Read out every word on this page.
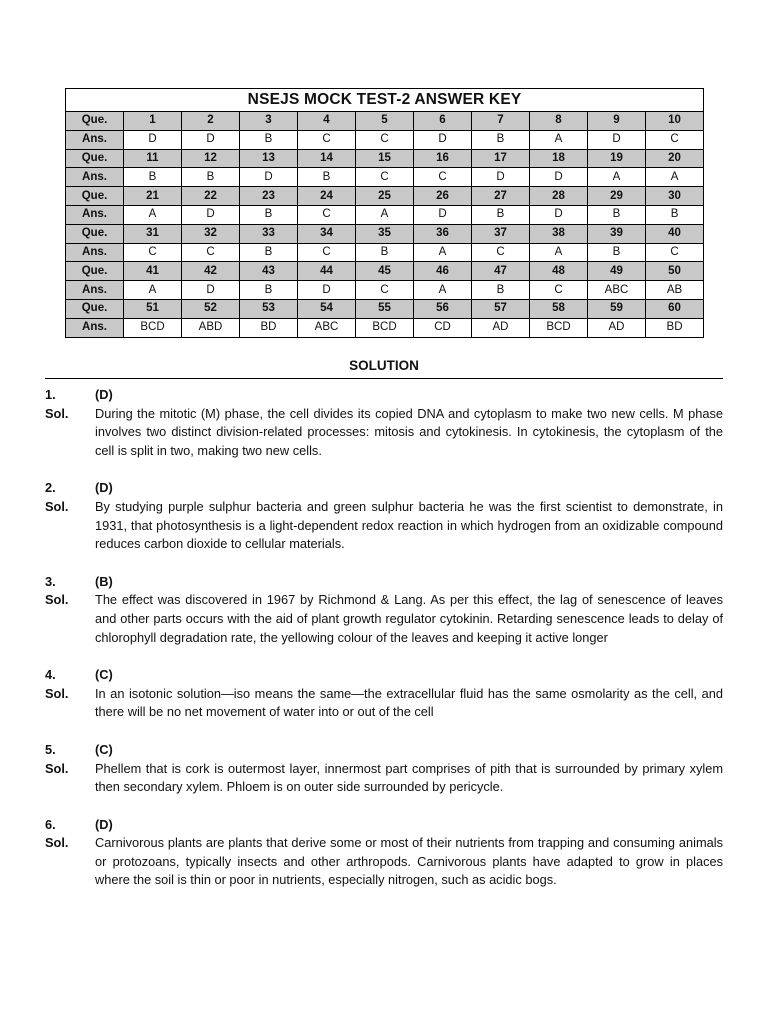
NSEJS MOCK TEST-2 ANSWER KEY										
Que.	1	2	3	4	5	6	7	8	9	10
Ans.	D	D	B	C	C	D	B	A	D	C
Que.	11	12	13	14	15	16	17	18	19	20
Ans.	B	B	D	B	C	C	D	D	A	A
Que.	21	22	23	24	25	26	27	28	29	30
Ans.	A	D	B	C	A	D	B	D	B	B
Que.	31	32	33	34	35	36	37	38	39	40
Ans.	C	C	B	C	B	A	C	A	B	C
Que.	41	42	43	44	45	46	47	48	49	50
Ans.	A	D	B	D	C	A	B	C	ABC	AB
Que.	51	52	53	54	55	56	57	58	59	60
Ans.	BCD	ABD	BD	ABC	BCD	CD	AD	BCD	AD	BD
SOLUTION
1.	(D)
Sol.	During the mitotic (M) phase, the cell divides its copied DNA and cytoplasm to make two new cells. M phase involves two distinct division-related processes: mitosis and cytokinesis. In cytokinesis, the cytoplasm of the cell is split in two, making two new cells.
2.	(D)
Sol.	By studying purple sulphur bacteria and green sulphur bacteria he was the first scientist to demonstrate, in 1931, that photosynthesis is a light-dependent redox reaction in which hydrogen from an oxidizable compound reduces carbon dioxide to cellular materials.
3.	(B)
Sol.	The effect was discovered in 1967 by Richmond & Lang. As per this effect, the lag of senescence of leaves and other parts occurs with the aid of plant growth regulator cytokinin. Retarding senescence leads to delay of chlorophyll degradation rate, the yellowing colour of the leaves and keeping it active longer
4.	(C)
Sol.	In an isotonic solution—iso means the same—the extracellular fluid has the same osmolarity as the cell, and there will be no net movement of water into or out of the cell
5.	(C)
Sol.	Phellem that is cork is outermost layer, innermost part comprises of pith that is surrounded by primary xylem then secondary xylem. Phloem is on outer side surrounded by pericycle.
6.	(D)
Sol.	Carnivorous plants are plants that derive some or most of their nutrients from trapping and consuming animals or protozoans, typically insects and other arthropods. Carnivorous plants have adapted to grow in places where the soil is thin or poor in nutrients, especially nitrogen, such as acidic bogs.
